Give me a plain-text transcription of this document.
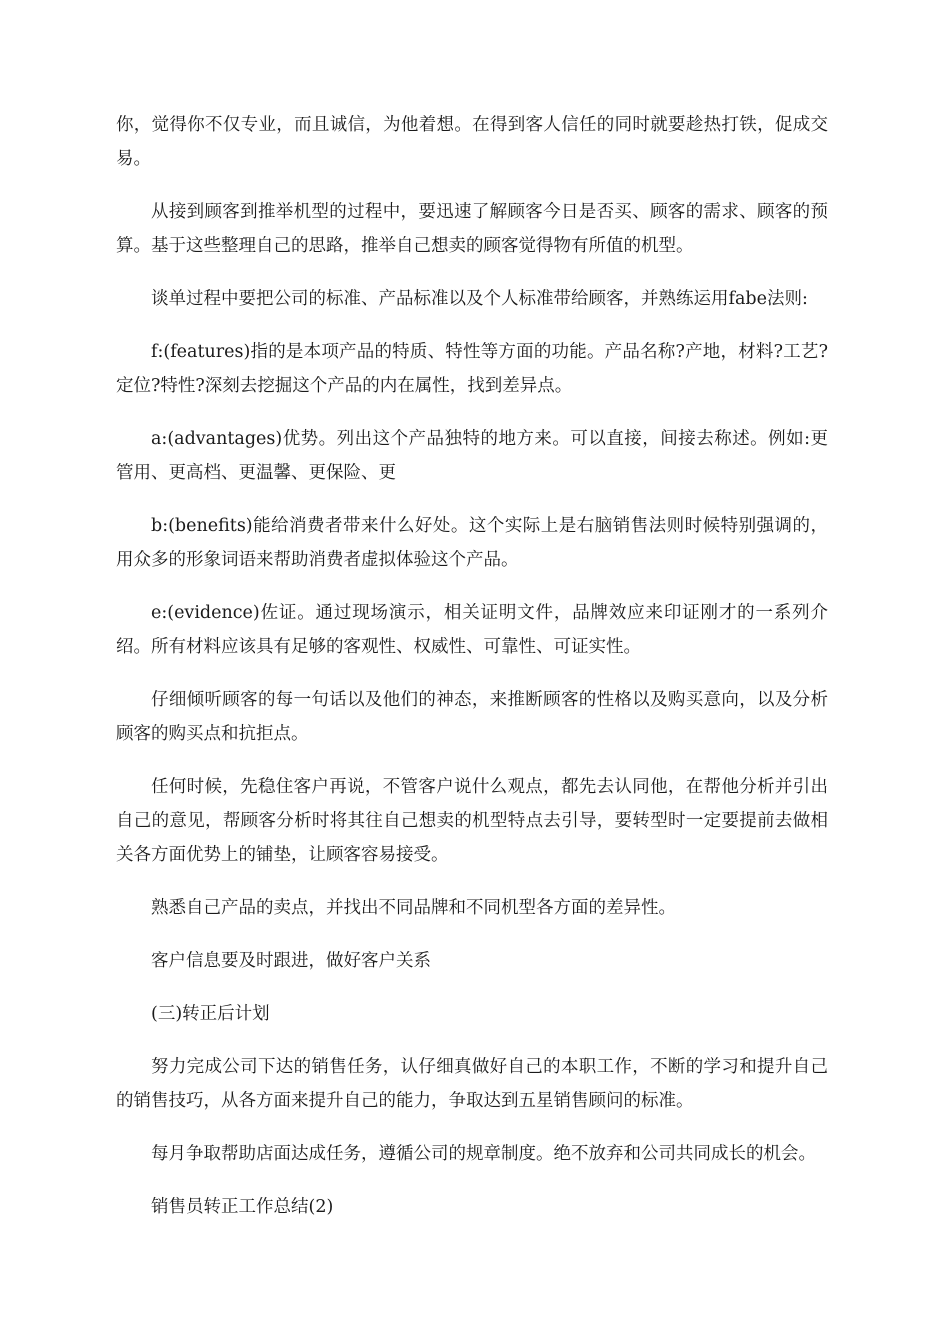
你，觉得你不仅专业，而且诚信，为他着想。在得到客人信任的同时就要趁热打铁，促成交易。

从接到顾客到推举机型的过程中，要迅速了解顾客今日是否买、顾客的需求、顾客的预算。基于这些整理自己的思路，推举自己想卖的顾客觉得物有所值的机型。

谈单过程中要把公司的标准、产品标准以及个人标准带给顾客，并熟练运用fabe法则:

f:(features)指的是本项产品的特质、特性等方面的功能。产品名称?产地，材料?工艺?定位?特性?深刻去挖掘这个产品的内在属性，找到差异点。

a:(advantages)优势。列出这个产品独特的地方来。可以直接，间接去称述。例如:更管用、更高档、更温馨、更保险、更

b:(benefits)能给消费者带来什么好处。这个实际上是右脑销售法则时候特别强调的，用众多的形象词语来帮助消费者虚拟体验这个产品。

e:(evidence)佐证。通过现场演示，相关证明文件，品牌效应来印证刚才的一系列介绍。所有材料应该具有足够的客观性、权威性、可靠性、可证实性。

仔细倾听顾客的每一句话以及他们的神态，来推断顾客的性格以及购买意向，以及分析顾客的购买点和抗拒点。

任何时候，先稳住客户再说，不管客户说什么观点，都先去认同他，在帮他分析并引出自己的意见，帮顾客分析时将其往自己想卖的机型特点去引导，要转型时一定要提前去做相关各方面优势上的铺垫，让顾客容易接受。

熟悉自己产品的卖点，并找出不同品牌和不同机型各方面的差异性。

客户信息要及时跟进，做好客户关系

(三)转正后计划

努力完成公司下达的销售任务，认仔细真做好自己的本职工作，不断的学习和提升自己的销售技巧，从各方面来提升自己的能力，争取达到五星销售顾问的标准。

每月争取帮助店面达成任务，遵循公司的规章制度。绝不放弃和公司共同成长的机会。

销售员转正工作总结(2)
